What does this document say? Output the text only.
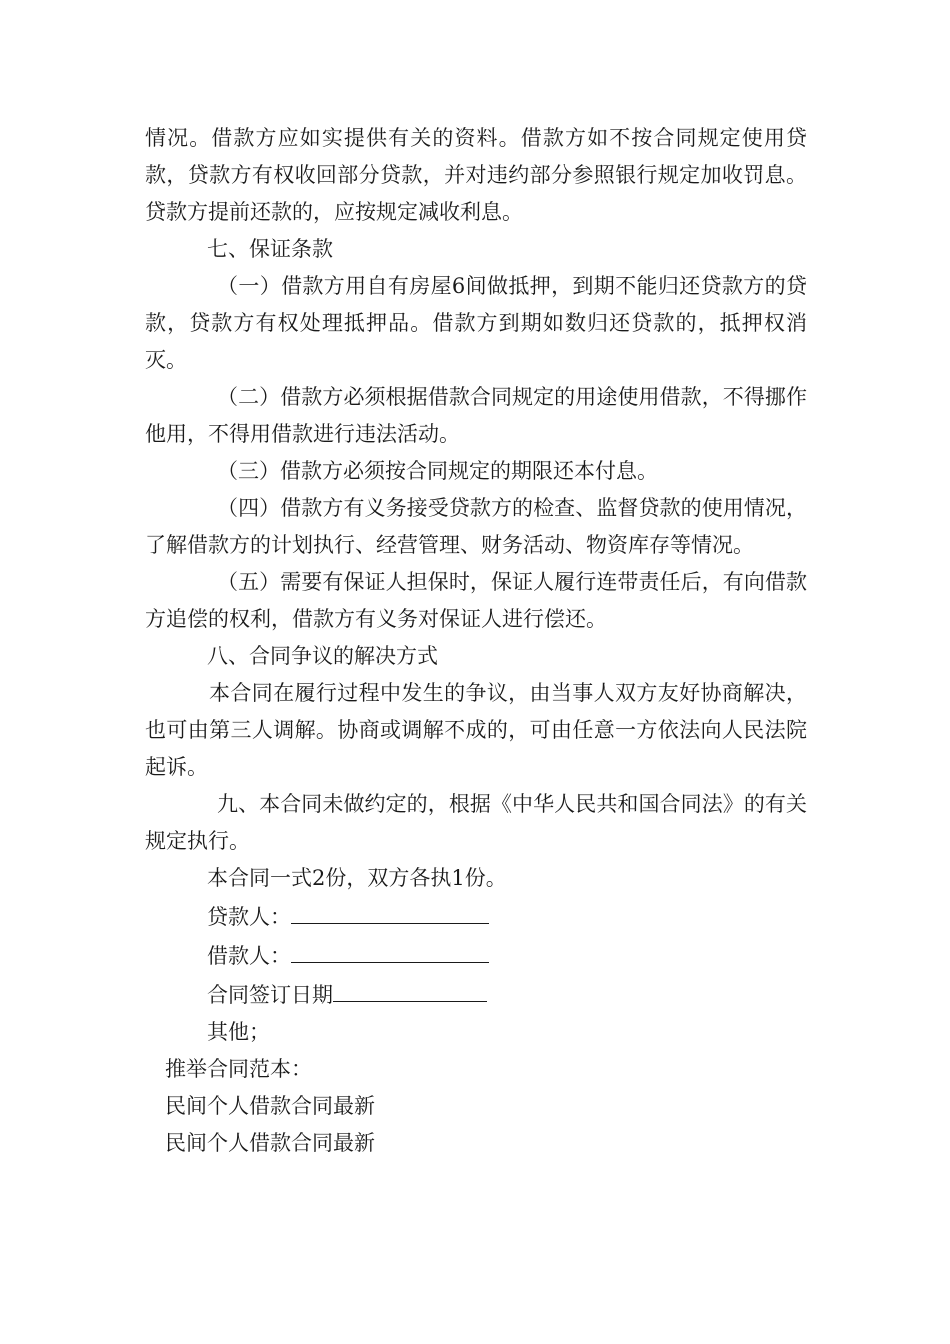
情况。借款方应如实提供有关的资料。借款方如不按合同规定使用贷款，贷款方有权收回部分贷款，并对违约部分参照银行规定加收罚息。贷款方提前还款的，应按规定减收利息。

七、保证条款

（一）借款方用自有房屋6间做抵押，到期不能归还贷款方的贷款，贷款方有权处理抵押品。借款方到期如数归还贷款的，抵押权消灭。

（二）借款方必须根据借款合同规定的用途使用借款，不得挪作他用，不得用借款进行违法活动。

（三）借款方必须按合同规定的期限还本付息。

（四）借款方有义务接受贷款方的检查、监督贷款的使用情况，了解借款方的计划执行、经营管理、财务活动、物资库存等情况。

（五）需要有保证人担保时，保证人履行连带责任后，有向借款方追偿的权利，借款方有义务对保证人进行偿还。

八、合同争议的解决方式

本合同在履行过程中发生的争议，由当事人双方友好协商解决，也可由第三人调解。协商或调解不成的，可由任意一方依法向人民法院起诉。

九、本合同未做约定的，根据《中华人民共和国合同法》的有关规定执行。

本合同一式2份，双方各执1份。

贷款人：

借款人：

合同签订日期

其他；

推举合同范本：

民间个人借款合同最新

民间个人借款合同最新
